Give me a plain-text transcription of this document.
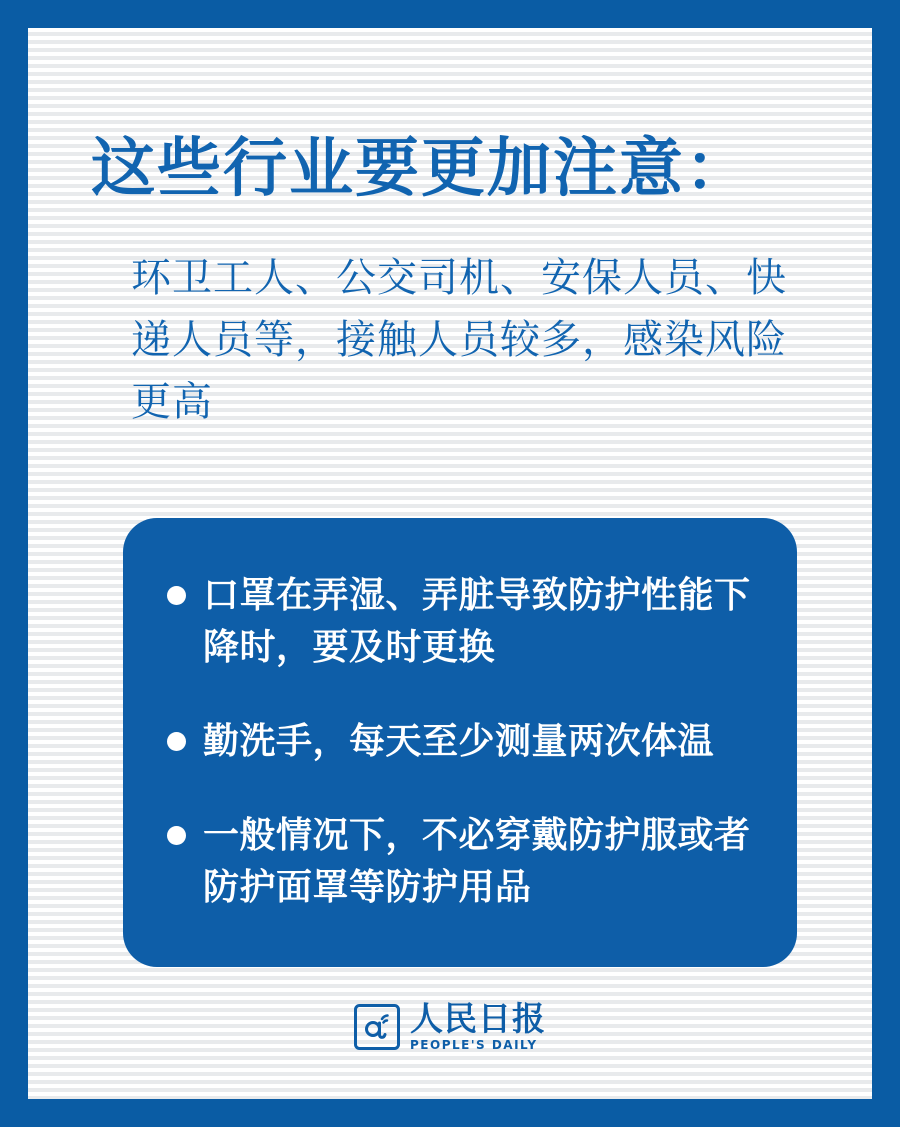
这些行业要更加注意：

环卫工人、公交司机、安保人员、快递人员等，接触人员较多，感染风险更高

口罩在弄湿、弄脏导致防护性能下降时，要及时更换
勤洗手，每天至少测量两次体温
一般情况下，不必穿戴防护服或者防护面罩等防护用品
人民日报
PEOPLE'S DAILY
